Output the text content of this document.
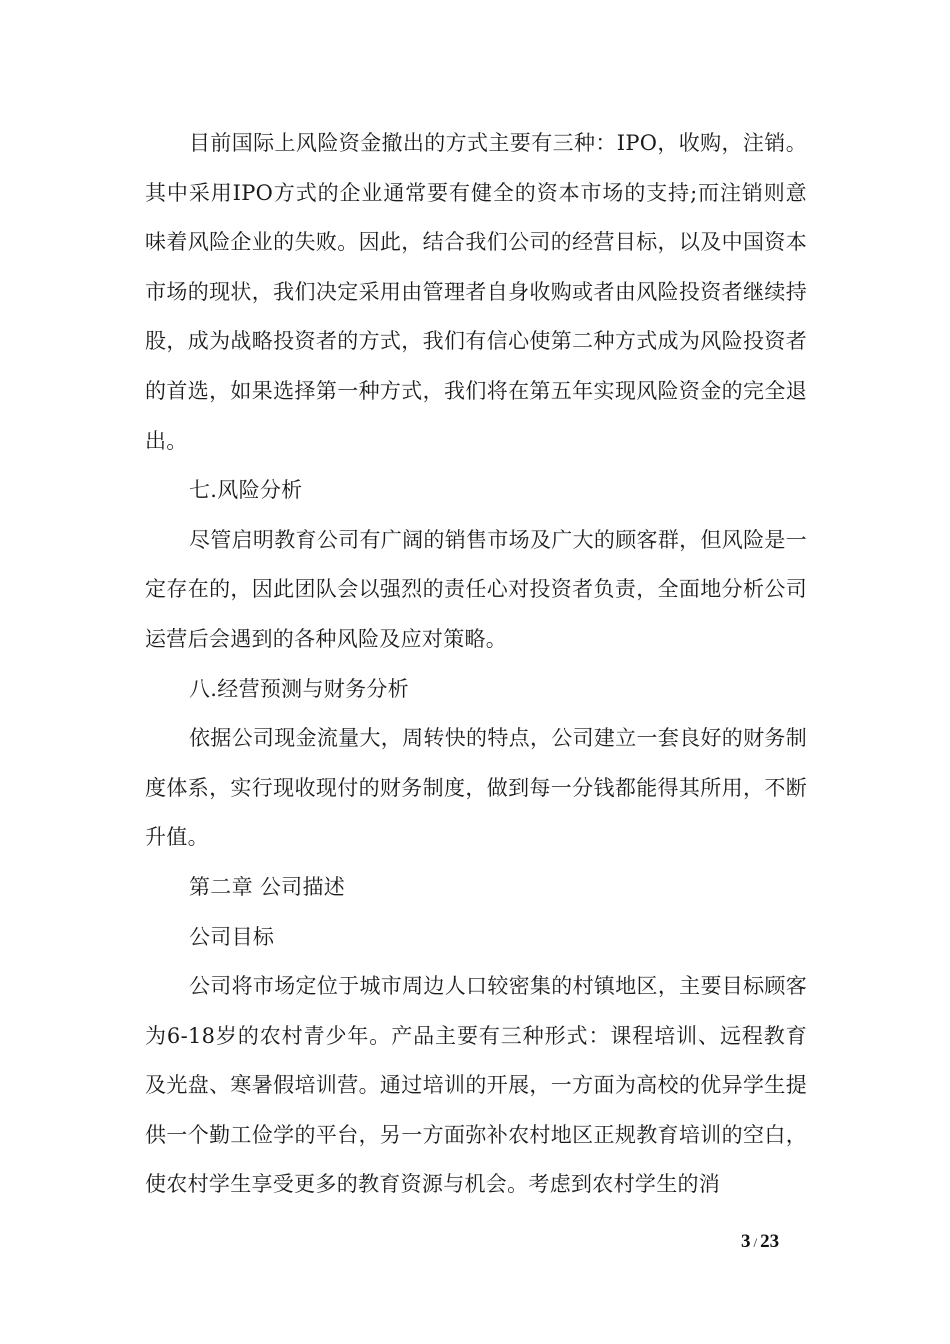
目前国际上风险资金撤出的方式主要有三种：IPO，收购，注销。其中采用IPO方式的企业通常要有健全的资本市场的支持;而注销则意味着风险企业的失败。因此，结合我们公司的经营目标，以及中国资本市场的现状，我们决定采用由管理者自身收购或者由风险投资者继续持股，成为战略投资者的方式，我们有信心使第二种方式成为风险投资者的首选，如果选择第一种方式，我们将在第五年实现风险资金的完全退出。

七.风险分析

尽管启明教育公司有广阔的销售市场及广大的顾客群，但风险是一定存在的，因此团队会以强烈的责任心对投资者负责，全面地分析公司运营后会遇到的各种风险及应对策略。

八.经营预测与财务分析

依据公司现金流量大，周转快的特点，公司建立一套良好的财务制度体系，实行现收现付的财务制度，做到每一分钱都能得其所用，不断升值。

第二章 公司描述

公司目标

公司将市场定位于城市周边人口较密集的村镇地区，主要目标顾客为6-18岁的农村青少年。产品主要有三种形式：课程培训、远程教育及光盘、寒暑假培训营。通过培训的开展，一方面为高校的优异学生提供一个勤工俭学的平台，另一方面弥补农村地区正规教育培训的空白，使农村学生享受更多的教育资源与机会。考虑到农村学生的消

3 / 23
